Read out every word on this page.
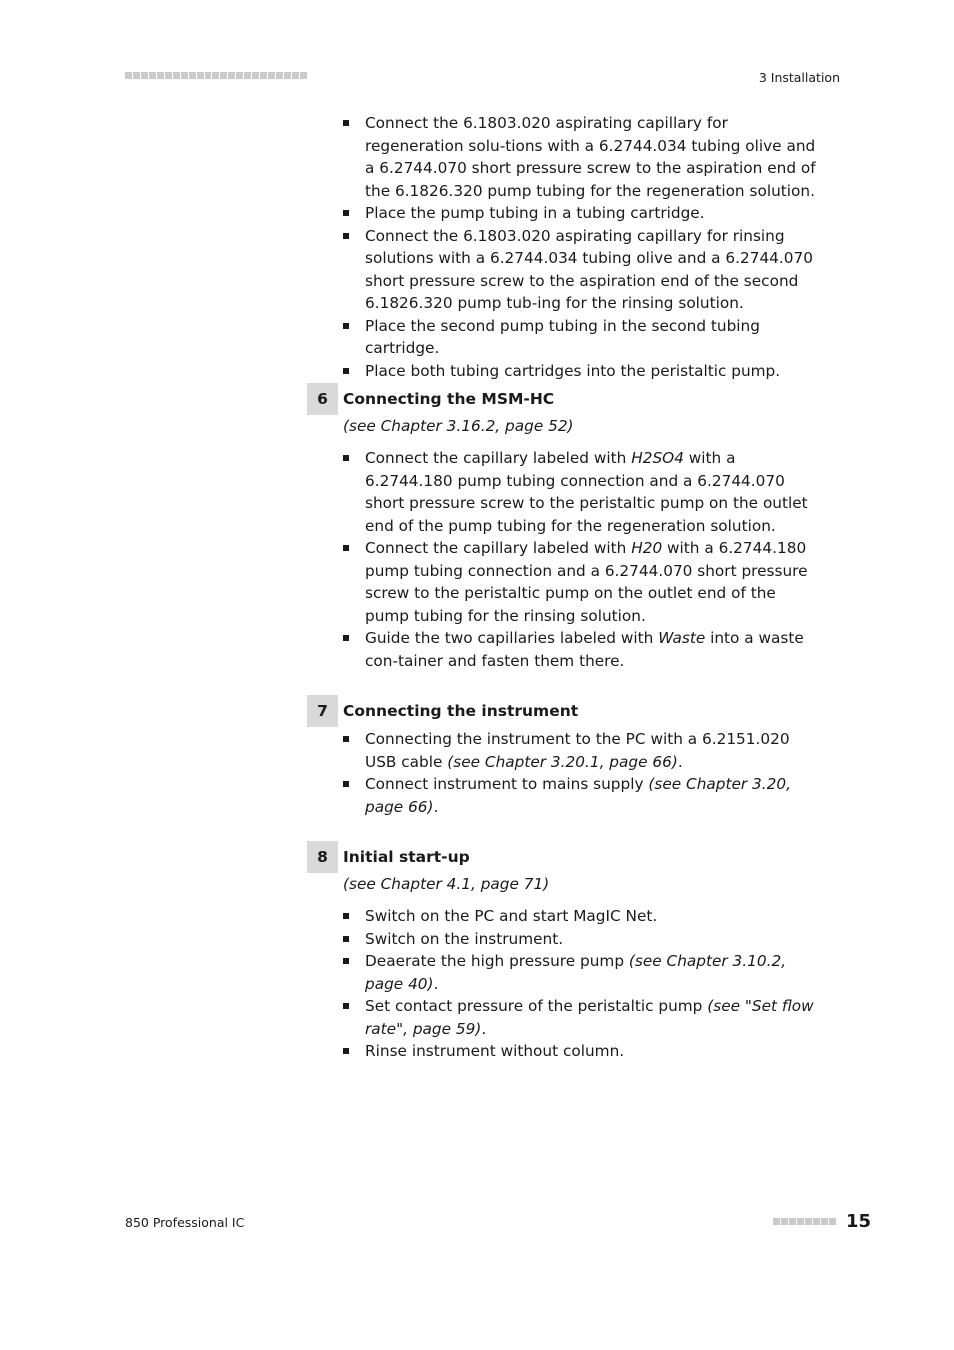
3 Installation
Connect the 6.1803.020 aspirating capillary for regeneration solu-tions with a 6.2744.034 tubing olive and a 6.2744.070 short pressure screw to the aspiration end of the 6.1826.320 pump tubing for the regeneration solution.
Place the pump tubing in a tubing cartridge.
Connect the 6.1803.020 aspirating capillary for rinsing solutions with a 6.2744.034 tubing olive and a 6.2744.070 short pressure screw to the aspiration end of the second 6.1826.320 pump tub-ing for the rinsing solution.
Place the second pump tubing in the second tubing cartridge.
Place both tubing cartridges into the peristaltic pump.
6 Connecting the MSM-HC
(see Chapter 3.16.2, page 52)
Connect the capillary labeled with H2SO4 with a 6.2744.180 pump tubing connection and a 6.2744.070 short pressure screw to the peristaltic pump on the outlet end of the pump tubing for the regeneration solution.
Connect the capillary labeled with H20 with a 6.2744.180 pump tubing connection and a 6.2744.070 short pressure screw to the peristaltic pump on the outlet end of the pump tubing for the rinsing solution.
Guide the two capillaries labeled with Waste into a waste con-tainer and fasten them there.
7 Connecting the instrument
Connecting the instrument to the PC with a 6.2151.020 USB cable (see Chapter 3.20.1, page 66).
Connect instrument to mains supply (see Chapter 3.20, page 66).
8 Initial start-up
(see Chapter 4.1, page 71)
Switch on the PC and start MagIC Net.
Switch on the instrument.
Deaerate the high pressure pump (see Chapter 3.10.2, page 40).
Set contact pressure of the peristaltic pump (see "Set flow rate", page 59).
Rinse instrument without column.
850 Professional IC	15
